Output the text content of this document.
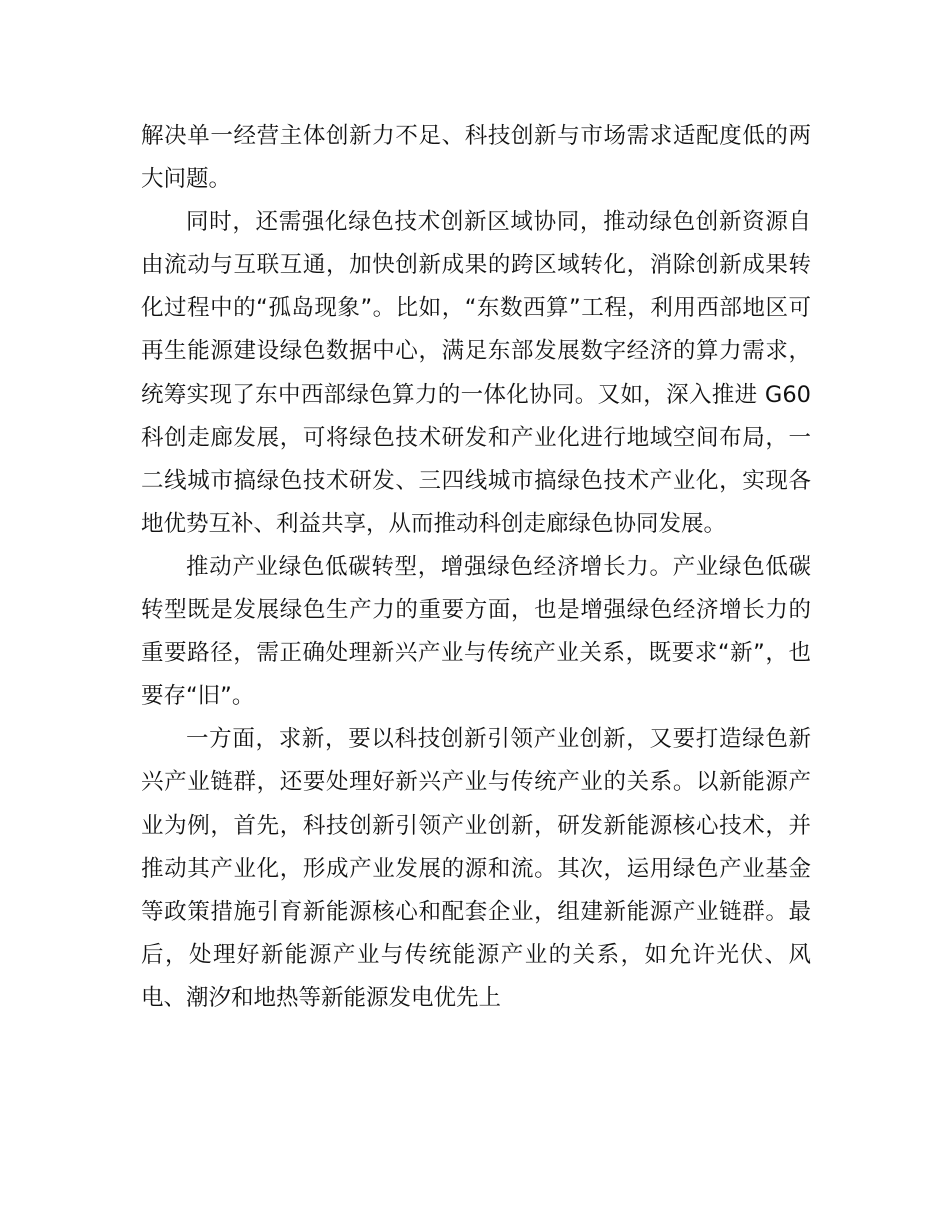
解决单一经营主体创新力不足、科技创新与市场需求适配度低的两大问题。

同时，还需强化绿色技术创新区域协同，推动绿色创新资源自由流动与互联互通，加快创新成果的跨区域转化，消除创新成果转化过程中的“孤岛现象”。比如，“东数西算”工程，利用西部地区可再生能源建设绿色数据中心，满足东部发展数字经济的算力需求，统筹实现了东中西部绿色算力的一体化协同。又如，深入推进 G60 科创走廊发展，可将绿色技术研发和产业化进行地域空间布局，一二线城市搞绿色技术研发、三四线城市搞绿色技术产业化，实现各地优势互补、利益共享，从而推动科创走廊绿色协同发展。

推动产业绿色低碳转型，增强绿色经济增长力。产业绿色低碳转型既是发展绿色生产力的重要方面，也是增强绿色经济增长力的重要路径，需正确处理新兴产业与传统产业关系，既要求“新”，也要存“旧”。

一方面，求新，要以科技创新引领产业创新，又要打造绿色新兴产业链群，还要处理好新兴产业与传统产业的关系。以新能源产业为例，首先，科技创新引领产业创新，研发新能源核心技术，并推动其产业化，形成产业发展的源和流。其次，运用绿色产业基金等政策措施引育新能源核心和配套企业，组建新能源产业链群。最后，处理好新能源产业与传统能源产业的关系，如允许光伏、风电、潮汐和地热等新能源发电优先上
